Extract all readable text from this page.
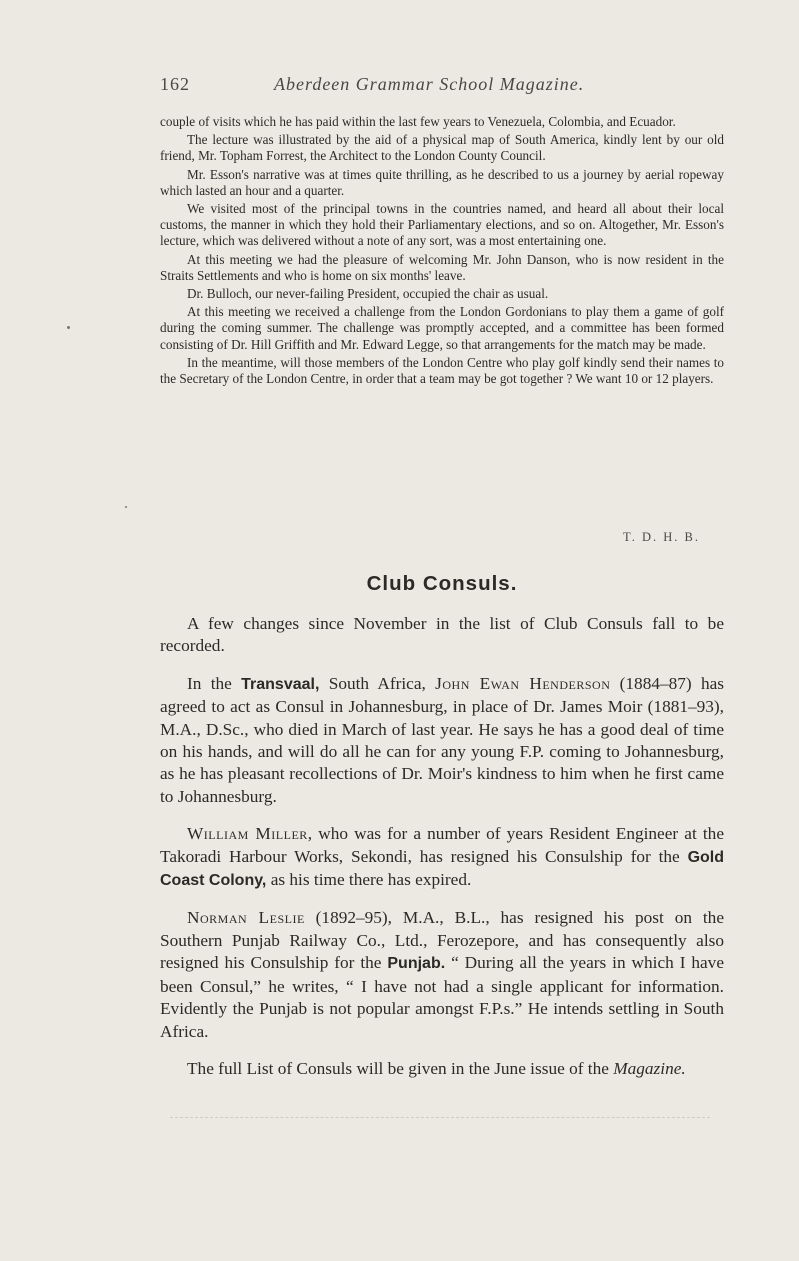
162	Aberdeen Grammar School Magazine.

couple of visits which he has paid within the last few years to Venezuela, Colombia, and Ecuador.

The lecture was illustrated by the aid of a physical map of South America, kindly lent by our old friend, Mr. Topham Forrest, the Architect to the London County Council.

Mr. Esson's narrative was at times quite thrilling, as he described to us a journey by aerial ropeway which lasted an hour and a quarter.

We visited most of the principal towns in the countries named, and heard all about their local customs, the manner in which they hold their Parliamentary elections, and so on. Altogether, Mr. Esson's lecture, which was delivered without a note of any sort, was a most entertaining one.

At this meeting we had the pleasure of welcoming Mr. John Danson, who is now resident in the Straits Settlements and who is home on six months' leave.

Dr. Bulloch, our never-failing President, occupied the chair as usual.

At this meeting we received a challenge from the London Gordonians to play them a game of golf during the coming summer. The challenge was promptly accepted, and a committee has been formed consisting of Dr. Hill Griffith and Mr. Edward Legge, so that arrangements for the match may be made.

In the meantime, will those members of the London Centre who play golf kindly send their names to the Secretary of the London Centre, in order that a team may be got together ? We want 10 or 12 players.

T. D. H. B.
Club Consuls.

A few changes since November in the list of Club Consuls fall to be recorded.

In the Transvaal, South Africa, John Ewan Henderson (1884–87) has agreed to act as Consul in Johannesburg, in place of Dr. James Moir (1881–93), M.A., D.Sc., who died in March of last year. He says he has a good deal of time on his hands, and will do all he can for any young F.P. coming to Johannesburg, as he has pleasant recollections of Dr. Moir's kindness to him when he first came to Johannesburg.

William Miller, who was for a number of years Resident Engineer at the Takoradi Harbour Works, Sekondi, has resigned his Consulship for the Gold Coast Colony, as his time there has expired.

Norman Leslie (1892–95), M.A., B.L., has resigned his post on the Southern Punjab Railway Co., Ltd., Ferozepore, and has consequently also resigned his Consulship for the Punjab. “ During all the years in which I have been Consul,” he writes, “ I have not had a single applicant for information. Evidently the Punjab is not popular amongst F.P.s.” He intends settling in South Africa.

The full List of Consuls will be given in the June issue of the Magazine.
